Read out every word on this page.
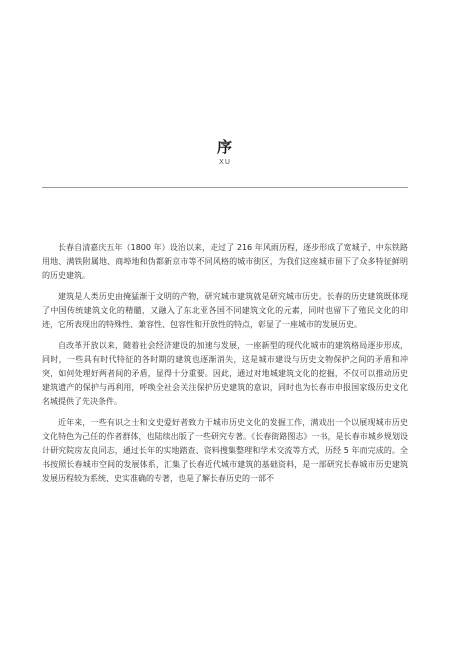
序
XU

长春自清嘉庆五年（1800 年）设治以来，走过了 216 年风雨历程，逐步形成了宽城子、中东铁路用地、满铁附属地、商埠地和伪都新京市等不同风格的城市街区，为我们这座城市留下了众多特征鲜明的历史建筑。

建筑是人类历史由掩猛渐于文明的产物，研究城市建筑就是研究城市历史。长春的历史建筑既体现了中国传统建筑文化的精髓，又融入了东北亚各国不同建筑文化的元素，同时也留下了殖民文化的印迹，它所表现出的特殊性、兼容性、包容性和开放性的特点，彰显了一座城市的发展历史。

自改革开放以来，随着社会经济建设的加速与发展，一座新型的现代化城市的建筑格局逐步形成，同时，一些具有时代特征的各时期的建筑也逐渐消失，这是城市建设与历史文物保护之间的矛盾和冲突，如何处理好两者间的矛盾，显得十分重要。因此，通过对地城建筑文化的挖掘，不仅可以推动历史建筑遗产的保护与再利用，呼唤全社会关注保护历史建筑的意识，同时也为长春市申报国家级历史文化名城提供了先决条件。

近年来，一些有识之士和文史爱好者致力于城市历史文化的发掘工作，满戏出一个以展现城市历史文化特色为己任的作者群体，也陆续出版了一些研究专著。《长春街路图志》一书，是长春市城乡规划设计研究院房友良同志，通过长年的实地踏查、资料搜集整理和学术交流等方式，历经 5 年而完成的。全书按照长春城市空间的发展体系，汇集了长春近代城市建筑的基础资料，是一部研究长春城市历史建筑发展历程较为系统、史实准确的专著，也是了解长春历史的一部不
